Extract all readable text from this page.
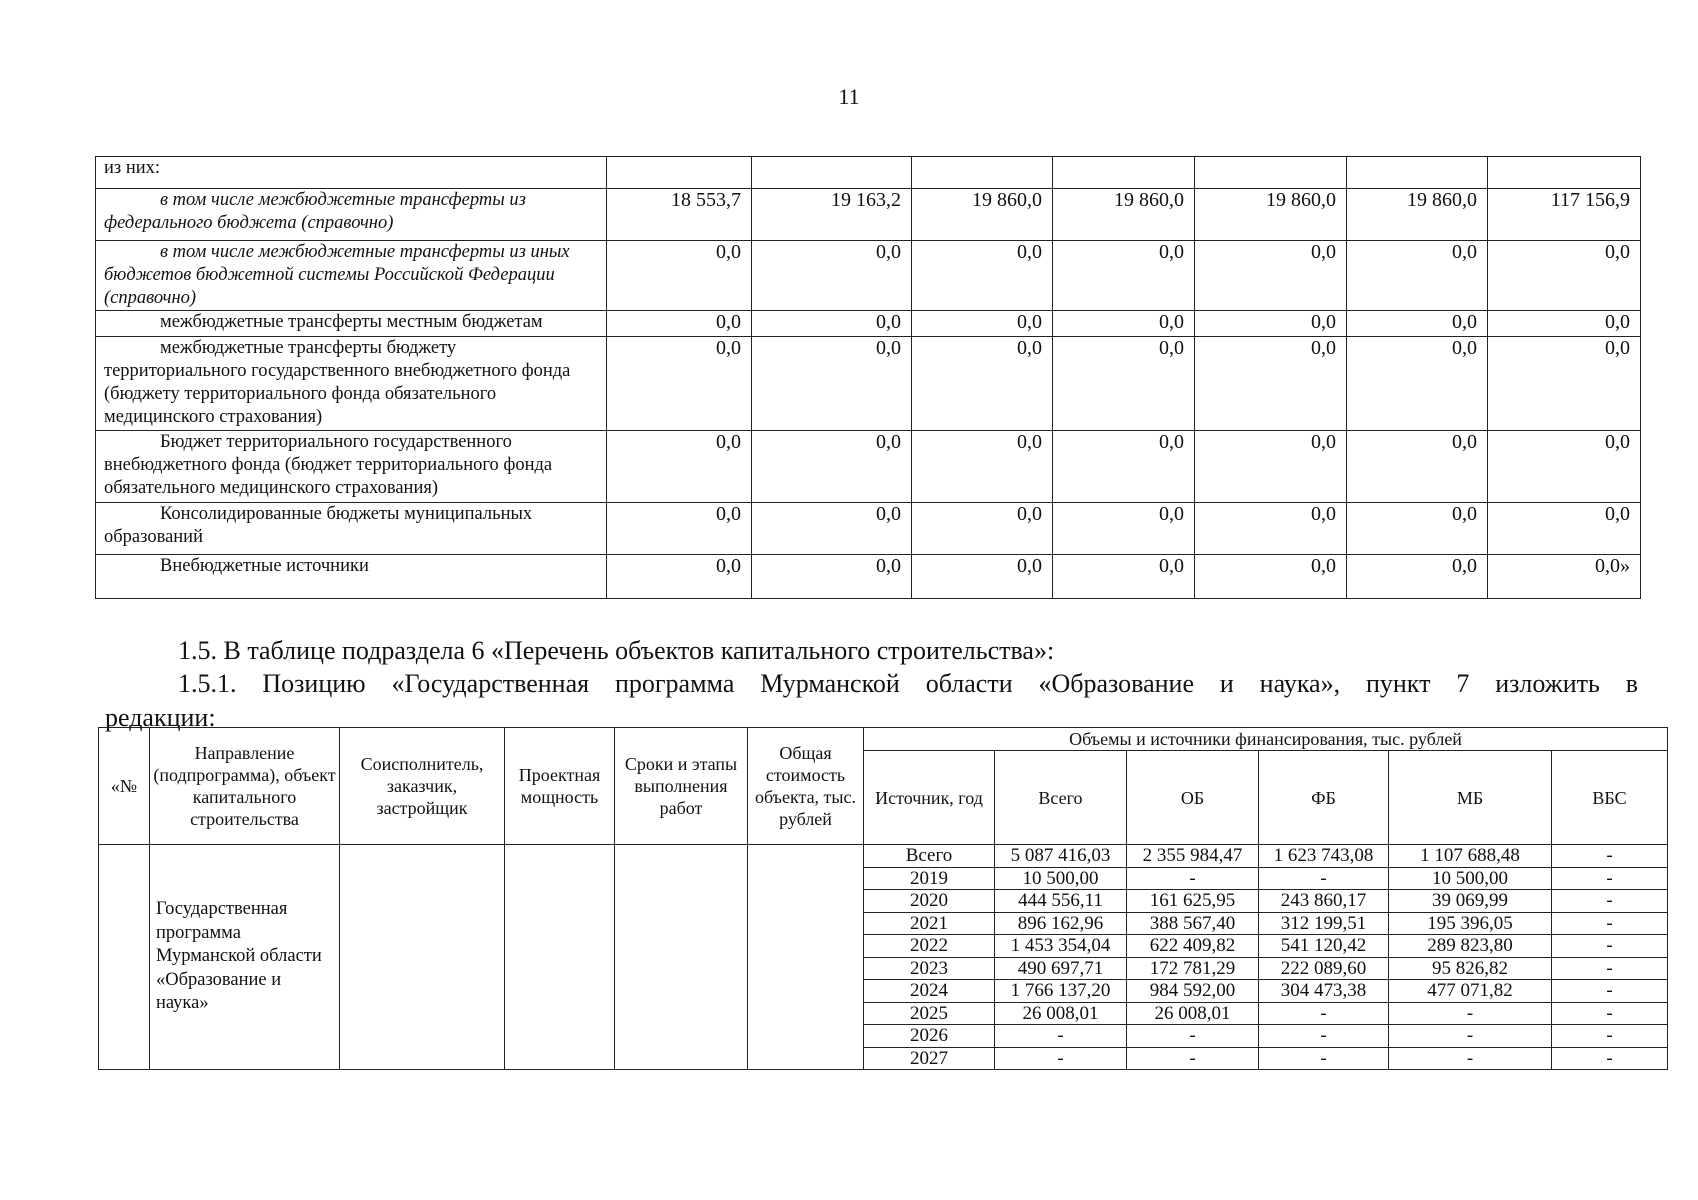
11
из них:							
в том числе межбюджетные трансферты из федерального бюджета (справочно)	18 553,7	19 163,2	19 860,0	19 860,0	19 860,0	19 860,0	117 156,9
в том числе межбюджетные трансферты из иных бюджетов бюджетной системы Российской Федерации (справочно)	0,0	0,0	0,0	0,0	0,0	0,0	0,0
межбюджетные трансферты местным бюджетам	0,0	0,0	0,0	0,0	0,0	0,0	0,0
межбюджетные трансферты бюджету территориального государственного внебюджетного фонда (бюджету территориального фонда обязательного медицинского страхования)	0,0	0,0	0,0	0,0	0,0	0,0	0,0
Бюджет территориального государственного внебюджетного фонда (бюджет территориального фонда обязательного медицинского страхования)	0,0	0,0	0,0	0,0	0,0	0,0	0,0
Консолидированные бюджеты муниципальных образований	0,0	0,0	0,0	0,0	0,0	0,0	0,0
Внебюджетные источники	0,0	0,0	0,0	0,0	0,0	0,0	0,0»
1.5. В таблице подраздела 6 «Перечень объектов капитального строительства»:
1.5.1. Позицию «Государственная программа Мурманской области «Образование и наука», пункт 7 изложить в
редакции:
«№	Направление (подпрограмма), объект капитального строительства	Соисполнитель, заказчик, застройщик	Проектная мощность	Сроки и этапы выполнения работ	Общая стоимость объекта, тыс. рублей	Объемы и источники финансирования, тыс. рублей					
						Источник, год	Всего	ОБ	ФБ	МБ	ВБС
	Государственная программа Мурманской области «Образование и наука»					Всего	5 087 416,03	2 355 984,47	1 623 743,08	1 107 688,48	-
						2019	10 500,00	-	-	10 500,00	-
						2020	444 556,11	161 625,95	243 860,17	39 069,99	-
						2021	896 162,96	388 567,40	312 199,51	195 396,05	-
						2022	1 453 354,04	622 409,82	541 120,42	289 823,80	-
						2023	490 697,71	172 781,29	222 089,60	95 826,82	-
						2024	1 766 137,20	984 592,00	304 473,38	477 071,82	-
						2025	26 008,01	26 008,01	-	-	-
						2026	-	-	-	-	-
						2027	-	-	-	-	-
